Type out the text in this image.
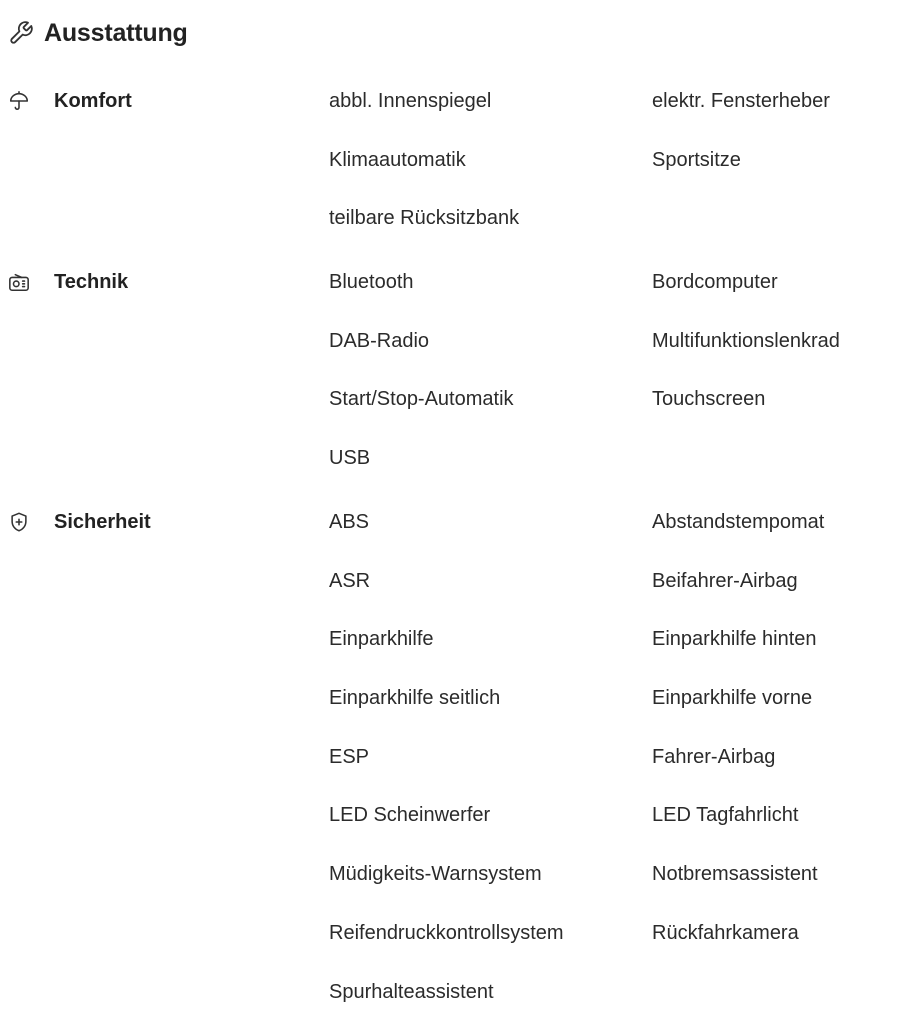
Ausstattung
Komfort	abbl. Innenspiegel	elektr. Fensterheber
Klimaautomatik	Sportsitze
teilbare Rücksitzbank
Technik	Bluetooth	Bordcomputer
DAB-Radio	Multifunktionslenkrad
Start/Stop-Automatik	Touchscreen
USB
Sicherheit	ABS	Abstandstempomat
ASR	Beifahrer-Airbag
Einparkhilfe	Einparkhilfe hinten
Einparkhilfe seitlich	Einparkhilfe vorne
ESP	Fahrer-Airbag
LED Scheinwerfer	LED Tagfahrlicht
Müdigkeits-Warnsystem	Notbremsassistent
Reifendruckkontrollsystem	Rückfahrkamera
Spurhalteassistent
